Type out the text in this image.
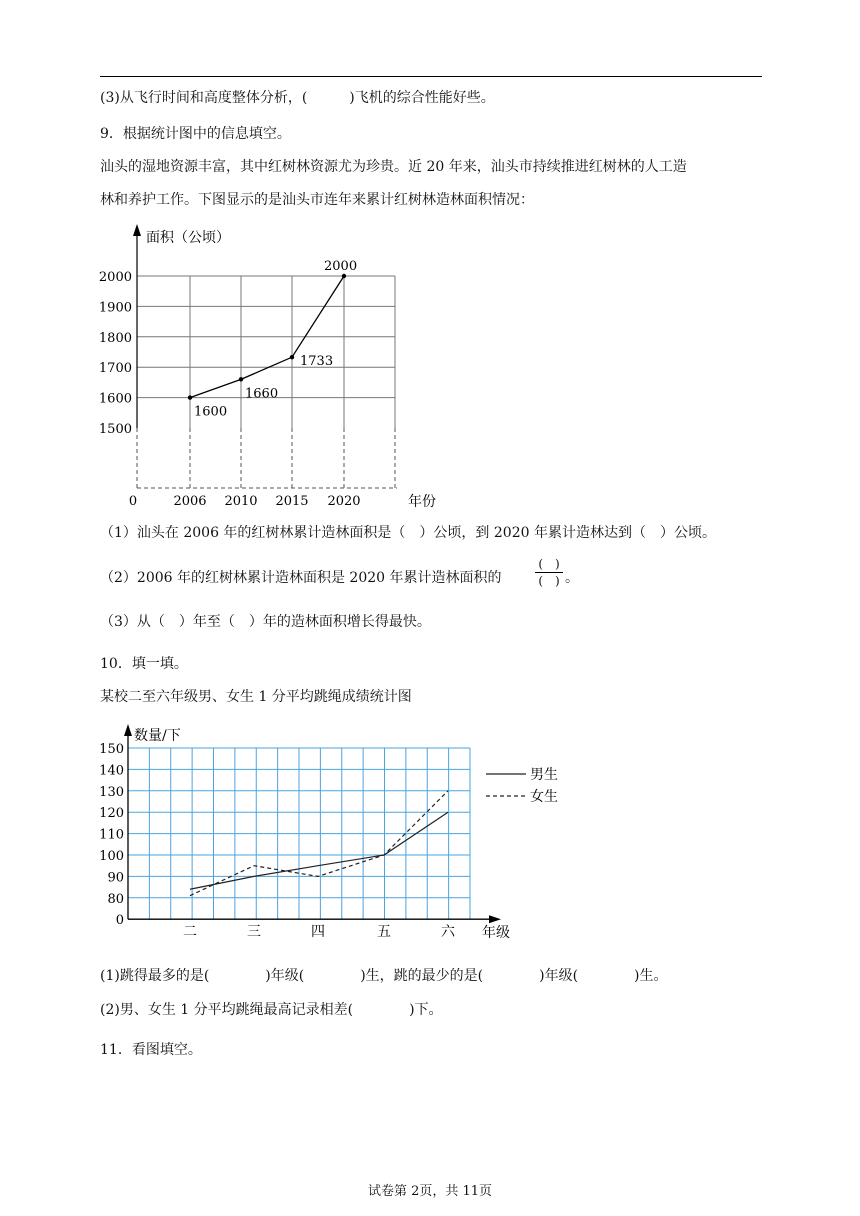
(3)从飞行时间和高度整体分析，(　　　)飞机的综合性能好些。
9．根据统计图中的信息填空。
汕头的湿地资源丰富，其中红树林资源尤为珍贵。近 20 年来，汕头市持续推进红树林的人工造
林和养护工作。下图显示的是汕头市连年来累计红树林造林面积情况：
1500
1600
1700
1800
1900
2000
面积（公顷）
0	2006 2010 2015 2020	年份
1600
1660
1733
2000
（1）汕头在 2006 年的红树林累计造林面积是（　）公顷，到 2020 年累计造林达到（　）公顷。
（2）2006 年的红树林累计造林面积是 2020 年累计造林面积的
(　)
(　) 。
（3）从（　）年至（　）年的造林面积增长得最快。
10．填一填。
某校二至六年级男、女生 1 分平均跳绳成绩统计图
数量/下
150
140
130
120
110
100
90
80
0
二	三	四	五	六 年级
男生
女生
(1)跳得最多的是(　　　　)年级(　　　　)生，跳的最少的是(　　　　)年级(　　　　)生。
(2)男、女生 1 分平均跳绳最高记录相差(　　　　)下。
11．看图填空。
试卷第 2页，共 11页
